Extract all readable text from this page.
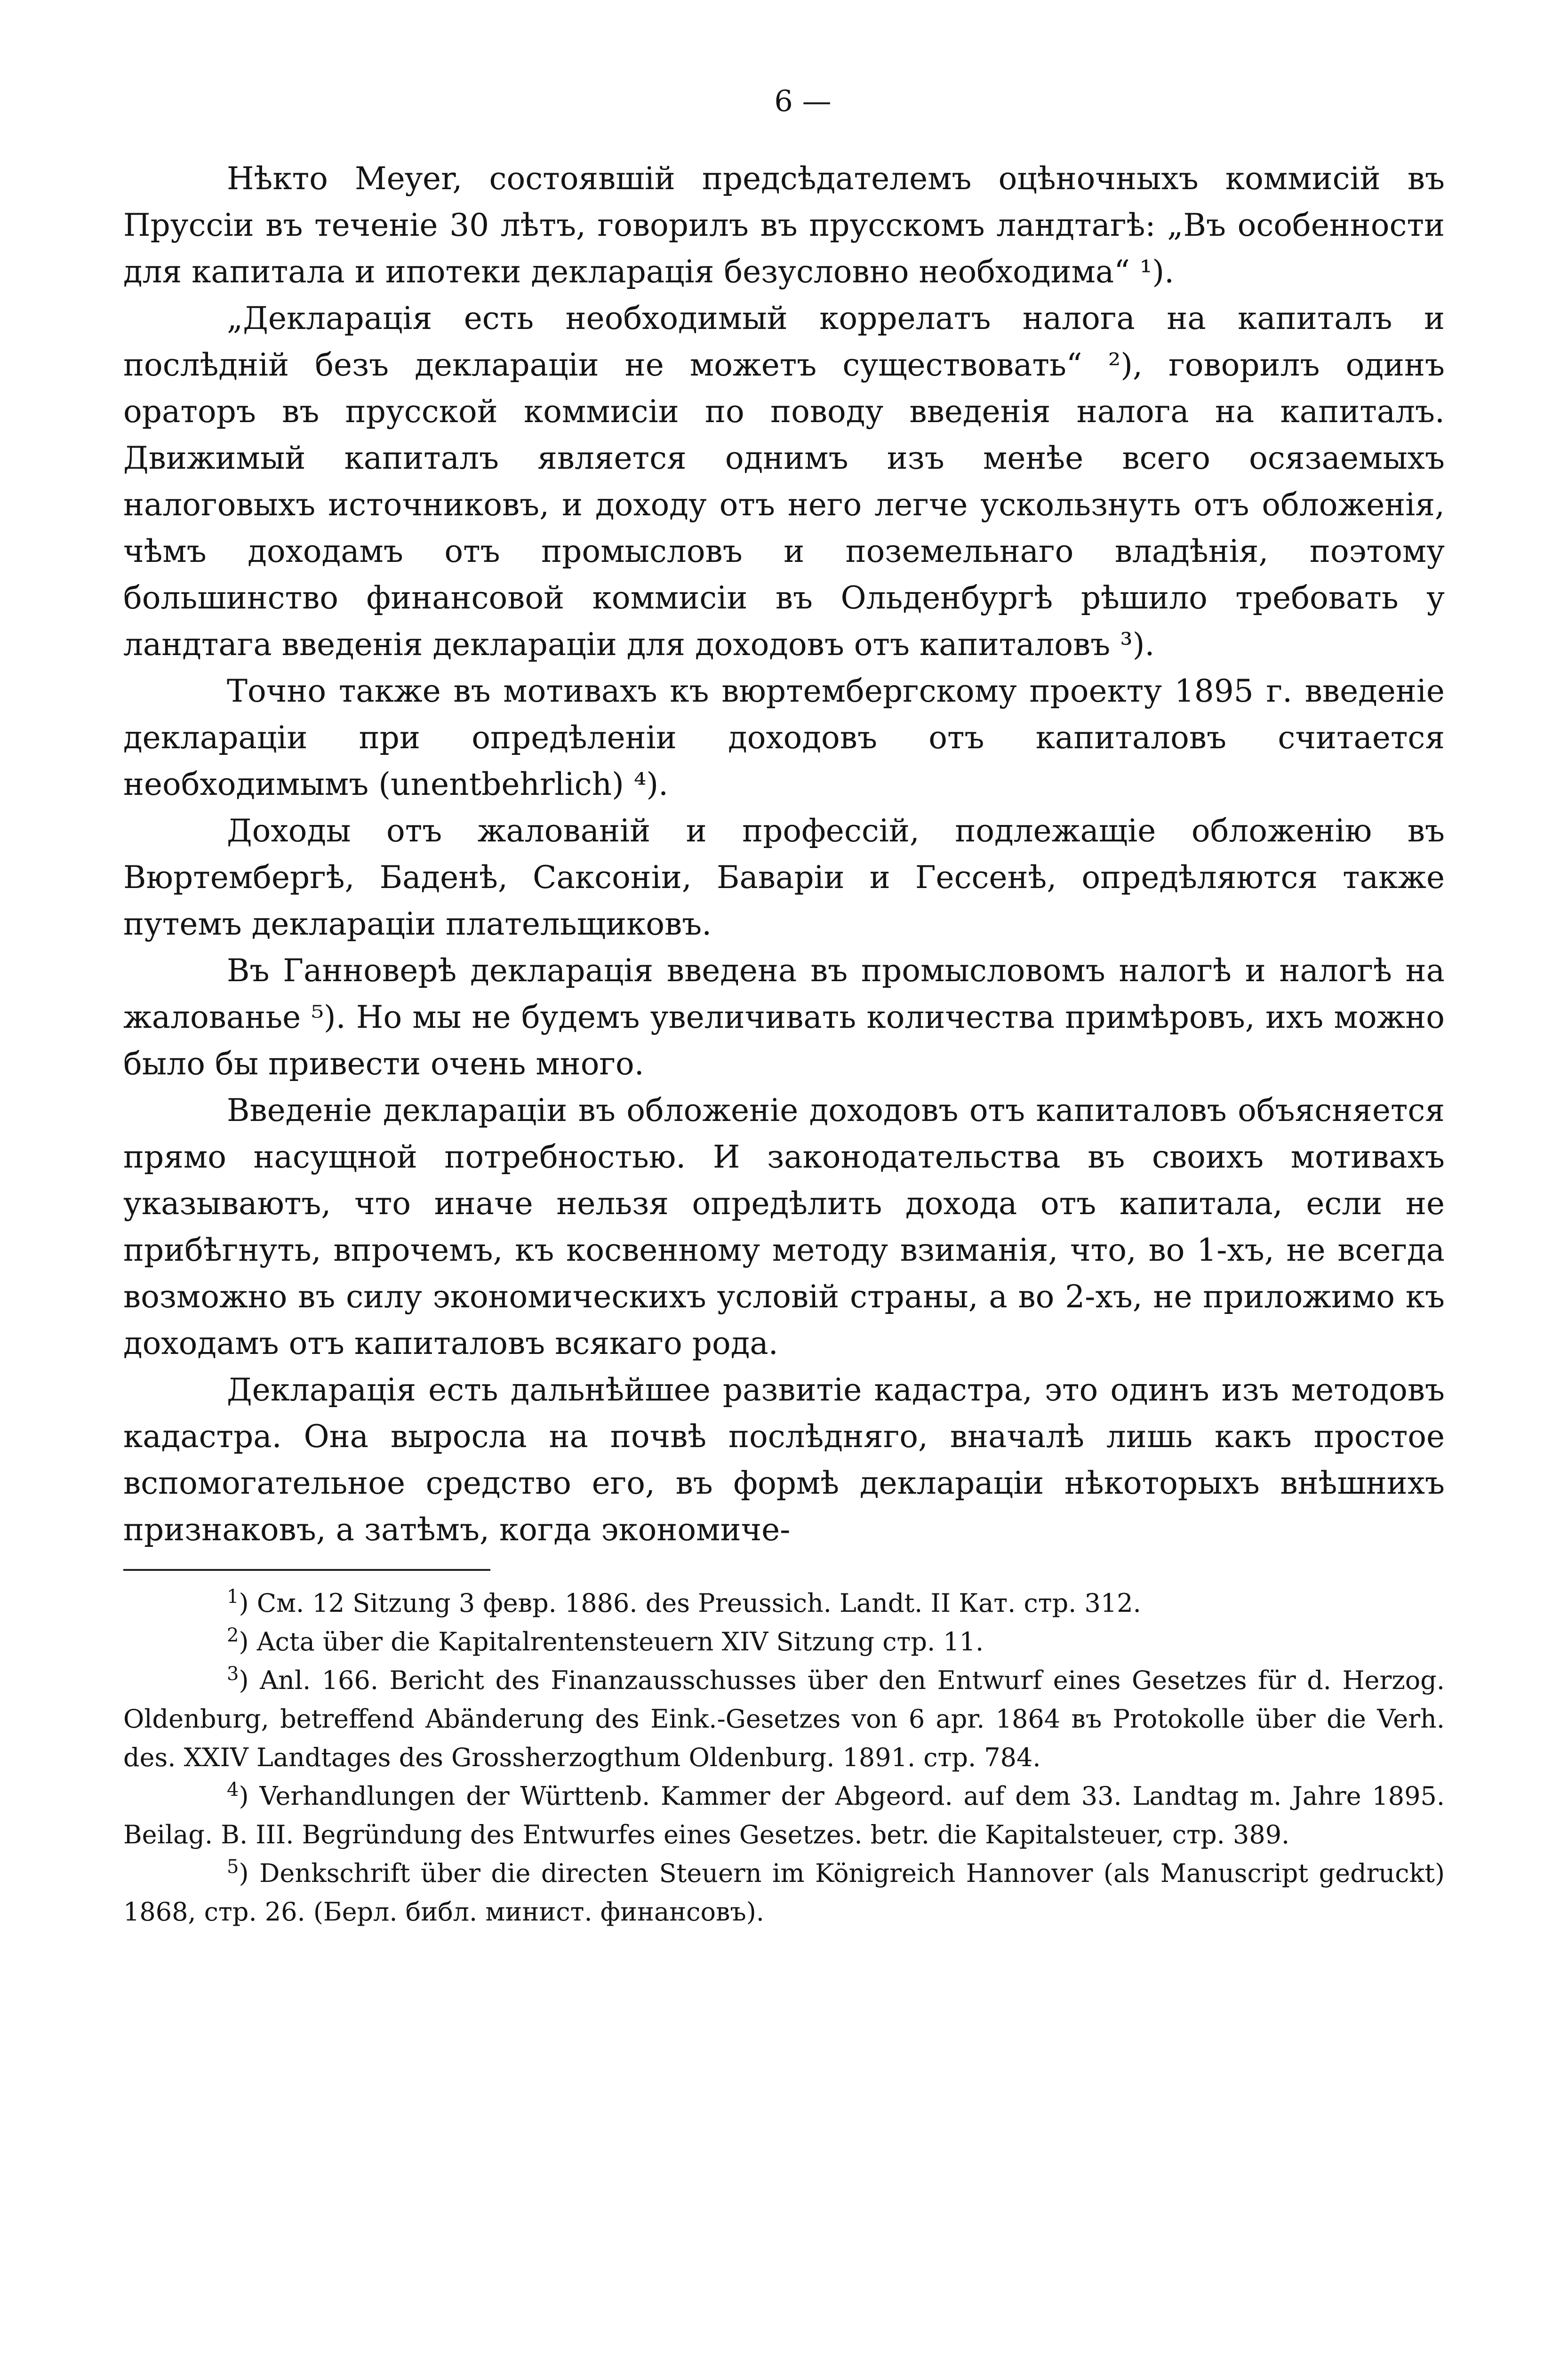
6 —

Нѣкто Meyer, состоявшій предсѣдателемъ оцѣночныхъ коммисій въ Пруссіи въ теченіе 30 лѣтъ, говорилъ въ прусскомъ ландтагѣ: „Въ особенности для капитала и ипотеки декларація безусловно необходима“ ¹).

„Декларація есть необходимый коррелатъ налога на капиталъ и послѣдній безъ деклараціи не можетъ существовать“ ²), говорилъ одинъ ораторъ въ прусской коммисіи по поводу введенія налога на капиталъ. Движимый капиталъ является однимъ изъ менѣе всего осязаемыхъ налоговыхъ источниковъ, и доходу отъ него легче ускользнуть отъ обложенія, чѣмъ доходамъ отъ промысловъ и поземельнаго владѣнія, поэтому большинство финансовой коммисіи въ Ольденбургѣ рѣшило требовать у ландтага введенія деклараціи для доходовъ отъ капиталовъ ³).

Точно также въ мотивахъ къ вюртембергскому проекту 1895 г. введеніе деклараціи при опредѣленіи доходовъ отъ капиталовъ считается необходимымъ (unentbehrlich) ⁴).

Доходы отъ жалованій и профессій, подлежащіе обложенію въ Вюртембергѣ, Баденѣ, Саксоніи, Баваріи и Гессенѣ, опредѣляются также путемъ деклараціи плательщиковъ.

Въ Ганноверѣ декларація введена въ промысловомъ налогѣ и налогѣ на жалованье ⁵). Но мы не будемъ увеличивать количества примѣровъ, ихъ можно было бы привести очень много.

Введеніе деклараціи въ обложеніе доходовъ отъ капиталовъ объясняется прямо насущной потребностью. И законодательства въ своихъ мотивахъ указываютъ, что иначе нельзя опредѣлить дохода отъ капитала, если не прибѣгнуть, впрочемъ, къ косвенному методу взиманія, что, во 1-хъ, не всегда возможно въ силу экономическихъ условій страны, а во 2-хъ, не приложимо къ доходамъ отъ капиталовъ всякаго рода.

Декларація есть дальнѣйшее развитіе кадастра, это одинъ изъ методовъ кадастра. Она выросла на почвѣ послѣдняго, вначалѣ лишь какъ простое вспомогательное средство его, въ формѣ деклараціи нѣкоторыхъ внѣшнихъ признаковъ, а затѣмъ, когда экономиче-

$^1$) См. 12 Sitzung 3 февр. 1886. des Preussich. Landt. II Кат. стр. 312.

$^2$) Acta über die Kapitalrentensteuern XIV Sitzung стр. 11.

$^3$) Anl. 166. Bericht des Finanzausschusses über den Entwurf eines Gesetzes für d. Herzog. Oldenburg, betreffend Abänderung des Eink.-Gesetzes von 6 apr. 1864 въ Protokolle über die Verh. des. XXIV Landtages des Grossherzogthum Oldenburg. 1891. стр. 784.

$^4$) Verhandlungen der Württenb. Kammer der Abgeord. auf dem 33. Landtag m. Jahre 1895. Beilag. B. III. Begründung des Entwurfes eines Gesetzes. betr. die Kapitalsteuer, стр. 389.

$^5$) Denkschrift über die directen Steuern im Königreich Hannover (als Manuscript gedruckt) 1868, стр. 26. (Берл. библ. минист. финансовъ).
